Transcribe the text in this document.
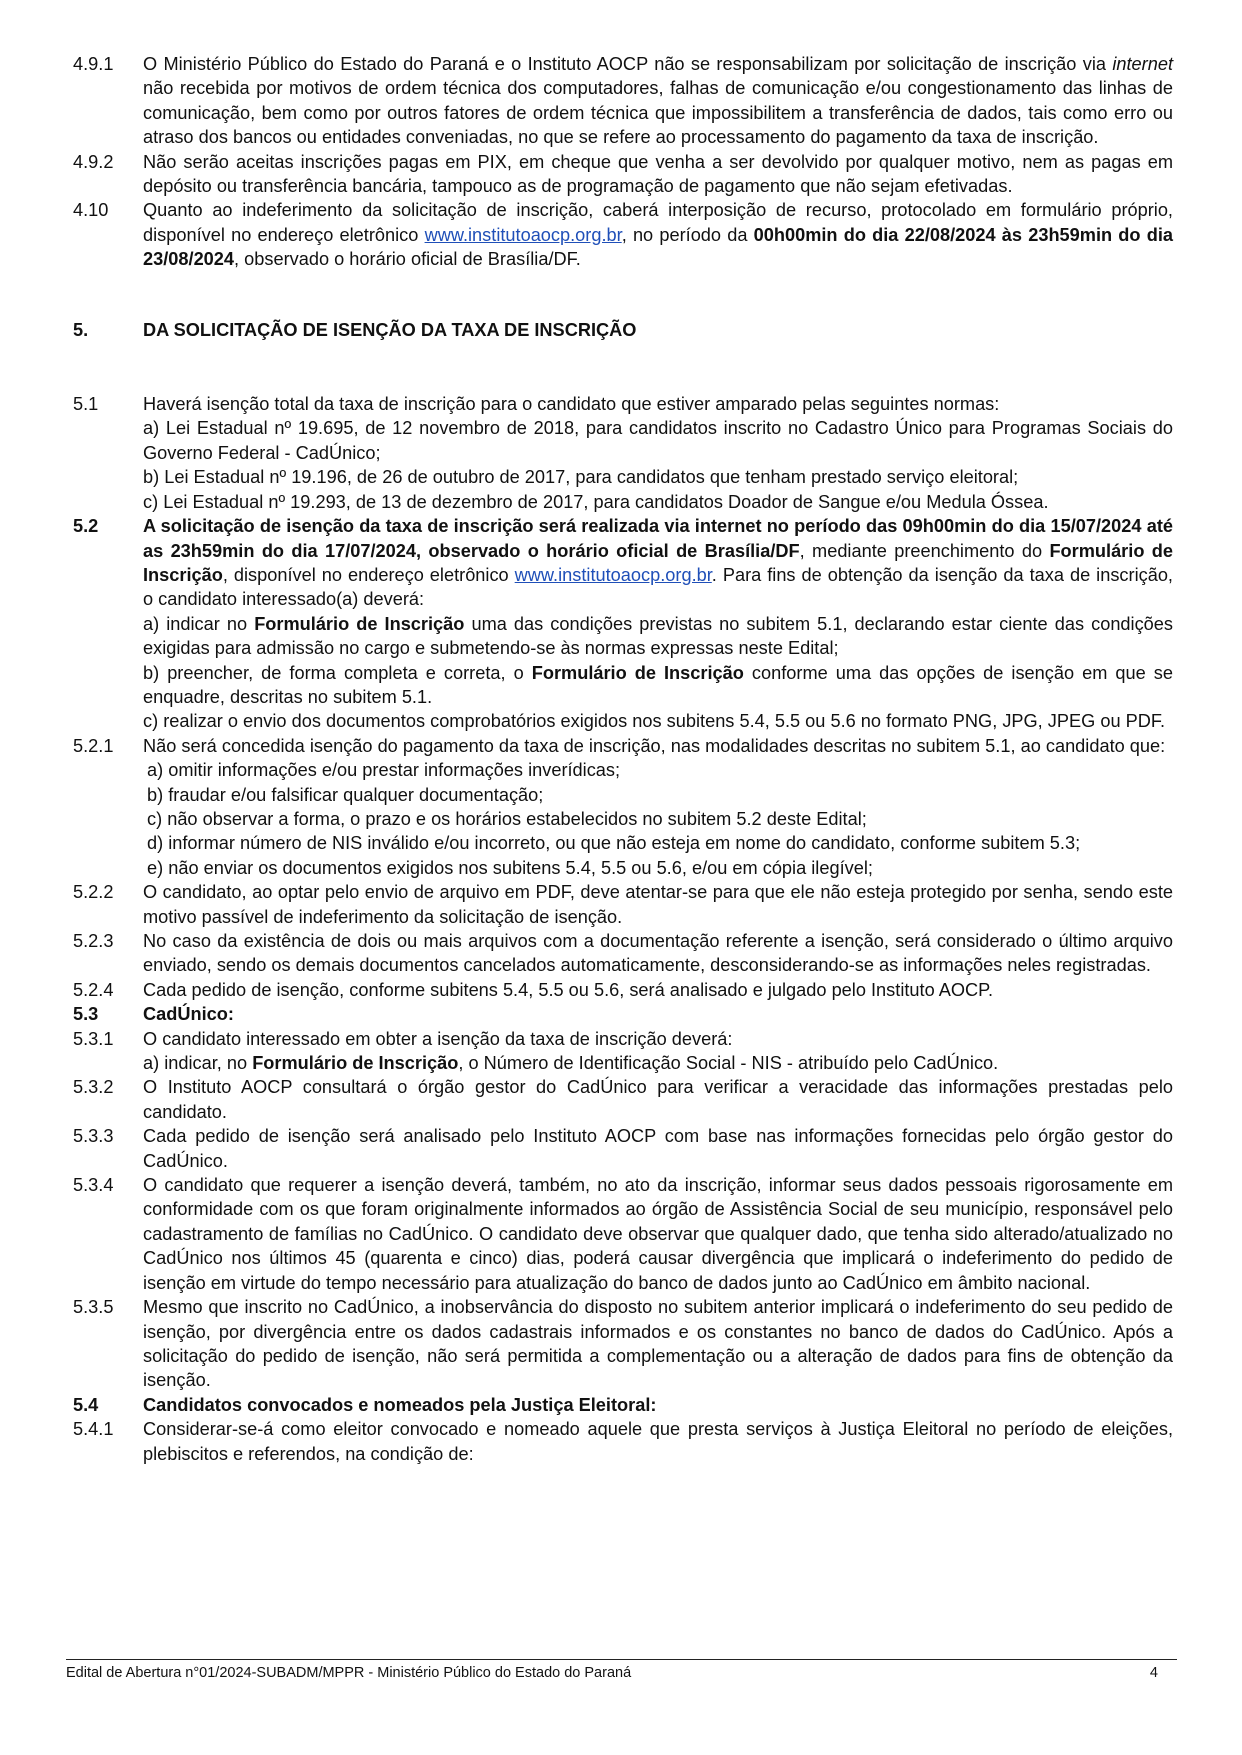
4.9.1	O Ministério Público do Estado do Paraná e o Instituto AOCP não se responsabilizam por solicitação de inscrição via internet não recebida por motivos de ordem técnica dos computadores, falhas de comunicação e/ou congestionamento das linhas de comunicação, bem como por outros fatores de ordem técnica que impossibilitem a transferência de dados, tais como erro ou atraso dos bancos ou entidades conveniadas, no que se refere ao processamento do pagamento da taxa de inscrição.
4.9.2	Não serão aceitas inscrições pagas em PIX, em cheque que venha a ser devolvido por qualquer motivo, nem as pagas em depósito ou transferência bancária, tampouco as de programação de pagamento que não sejam efetivadas.
4.10	Quanto ao indeferimento da solicitação de inscrição, caberá interposição de recurso, protocolado em formulário próprio, disponível no endereço eletrônico www.institutoaocp.org.br, no período da 00h00min do dia 22/08/2024 às 23h59min do dia 23/08/2024, observado o horário oficial de Brasília/DF.
5.	DA SOLICITAÇÃO DE ISENÇÃO DA TAXA DE INSCRIÇÃO
5.1	Haverá isenção total da taxa de inscrição para o candidato que estiver amparado pelas seguintes normas:
a) Lei Estadual nº 19.695, de 12 novembro de 2018, para candidatos inscrito no Cadastro Único para Programas Sociais do Governo Federal - CadÚnico;
b) Lei Estadual nº 19.196, de 26 de outubro de 2017, para candidatos que tenham prestado serviço eleitoral;
c) Lei Estadual nº 19.293, de 13 de dezembro de 2017, para candidatos Doador de Sangue e/ou Medula Óssea.
5.2	A solicitação de isenção da taxa de inscrição será realizada via internet no período das 09h00min do dia 15/07/2024 até as 23h59min do dia 17/07/2024, observado o horário oficial de Brasília/DF, mediante preenchimento do Formulário de Inscrição, disponível no endereço eletrônico www.institutoaocp.org.br. Para fins de obtenção da isenção da taxa de inscrição, o candidato interessado(a) deverá:
a) indicar no Formulário de Inscrição uma das condições previstas no subitem 5.1, declarando estar ciente das condições exigidas para admissão no cargo e submetendo-se às normas expressas neste Edital;
b) preencher, de forma completa e correta, o Formulário de Inscrição conforme uma das opções de isenção em que se enquadre, descritas no subitem 5.1.
c) realizar o envio dos documentos comprobatórios exigidos nos subitens 5.4, 5.5 ou 5.6 no formato PNG, JPG, JPEG ou PDF.
5.2.1	Não será concedida isenção do pagamento da taxa de inscrição, nas modalidades descritas no subitem 5.1, ao candidato que:
a) omitir informações e/ou prestar informações inverídicas;
b) fraudar e/ou falsificar qualquer documentação;
c) não observar a forma, o prazo e os horários estabelecidos no subitem 5.2 deste Edital;
d) informar número de NIS inválido e/ou incorreto, ou que não esteja em nome do candidato, conforme subitem 5.3;
e) não enviar os documentos exigidos nos subitens 5.4, 5.5 ou 5.6, e/ou em cópia ilegível;
5.2.2	O candidato, ao optar pelo envio de arquivo em PDF, deve atentar-se para que ele não esteja protegido por senha, sendo este motivo passível de indeferimento da solicitação de isenção.
5.2.3	No caso da existência de dois ou mais arquivos com a documentação referente a isenção, será considerado o último arquivo enviado, sendo os demais documentos cancelados automaticamente, desconsiderando-se as informações neles registradas.
5.2.4	Cada pedido de isenção, conforme subitens 5.4, 5.5 ou 5.6, será analisado e julgado pelo Instituto AOCP.
5.3	CadÚnico:
5.3.1	O candidato interessado em obter a isenção da taxa de inscrição deverá:
a) indicar, no Formulário de Inscrição, o Número de Identificação Social - NIS - atribuído pelo CadÚnico.
5.3.2	O Instituto AOCP consultará o órgão gestor do CadÚnico para verificar a veracidade das informações prestadas pelo candidato.
5.3.3	Cada pedido de isenção será analisado pelo Instituto AOCP com base nas informações fornecidas pelo órgão gestor do CadÚnico.
5.3.4	O candidato que requerer a isenção deverá, também, no ato da inscrição, informar seus dados pessoais rigorosamente em conformidade com os que foram originalmente informados ao órgão de Assistência Social de seu município, responsável pelo cadastramento de famílias no CadÚnico. O candidato deve observar que qualquer dado, que tenha sido alterado/atualizado no CadÚnico nos últimos 45 (quarenta e cinco) dias, poderá causar divergência que implicará o indeferimento do pedido de isenção em virtude do tempo necessário para atualização do banco de dados junto ao CadÚnico em âmbito nacional.
5.3.5	Mesmo que inscrito no CadÚnico, a inobservância do disposto no subitem anterior implicará o indeferimento do seu pedido de isenção, por divergência entre os dados cadastrais informados e os constantes no banco de dados do CadÚnico. Após a solicitação do pedido de isenção, não será permitida a complementação ou a alteração de dados para fins de obtenção da isenção.
5.4	Candidatos convocados e nomeados pela Justiça Eleitoral:
5.4.1	Considerar-se-á como eleitor convocado e nomeado aquele que presta serviços à Justiça Eleitoral no período de eleições, plebiscitos e referendos, na condição de:
Edital de Abertura n°01/2024-SUBADM/MPPR - Ministério Público do Estado do Paraná	4
